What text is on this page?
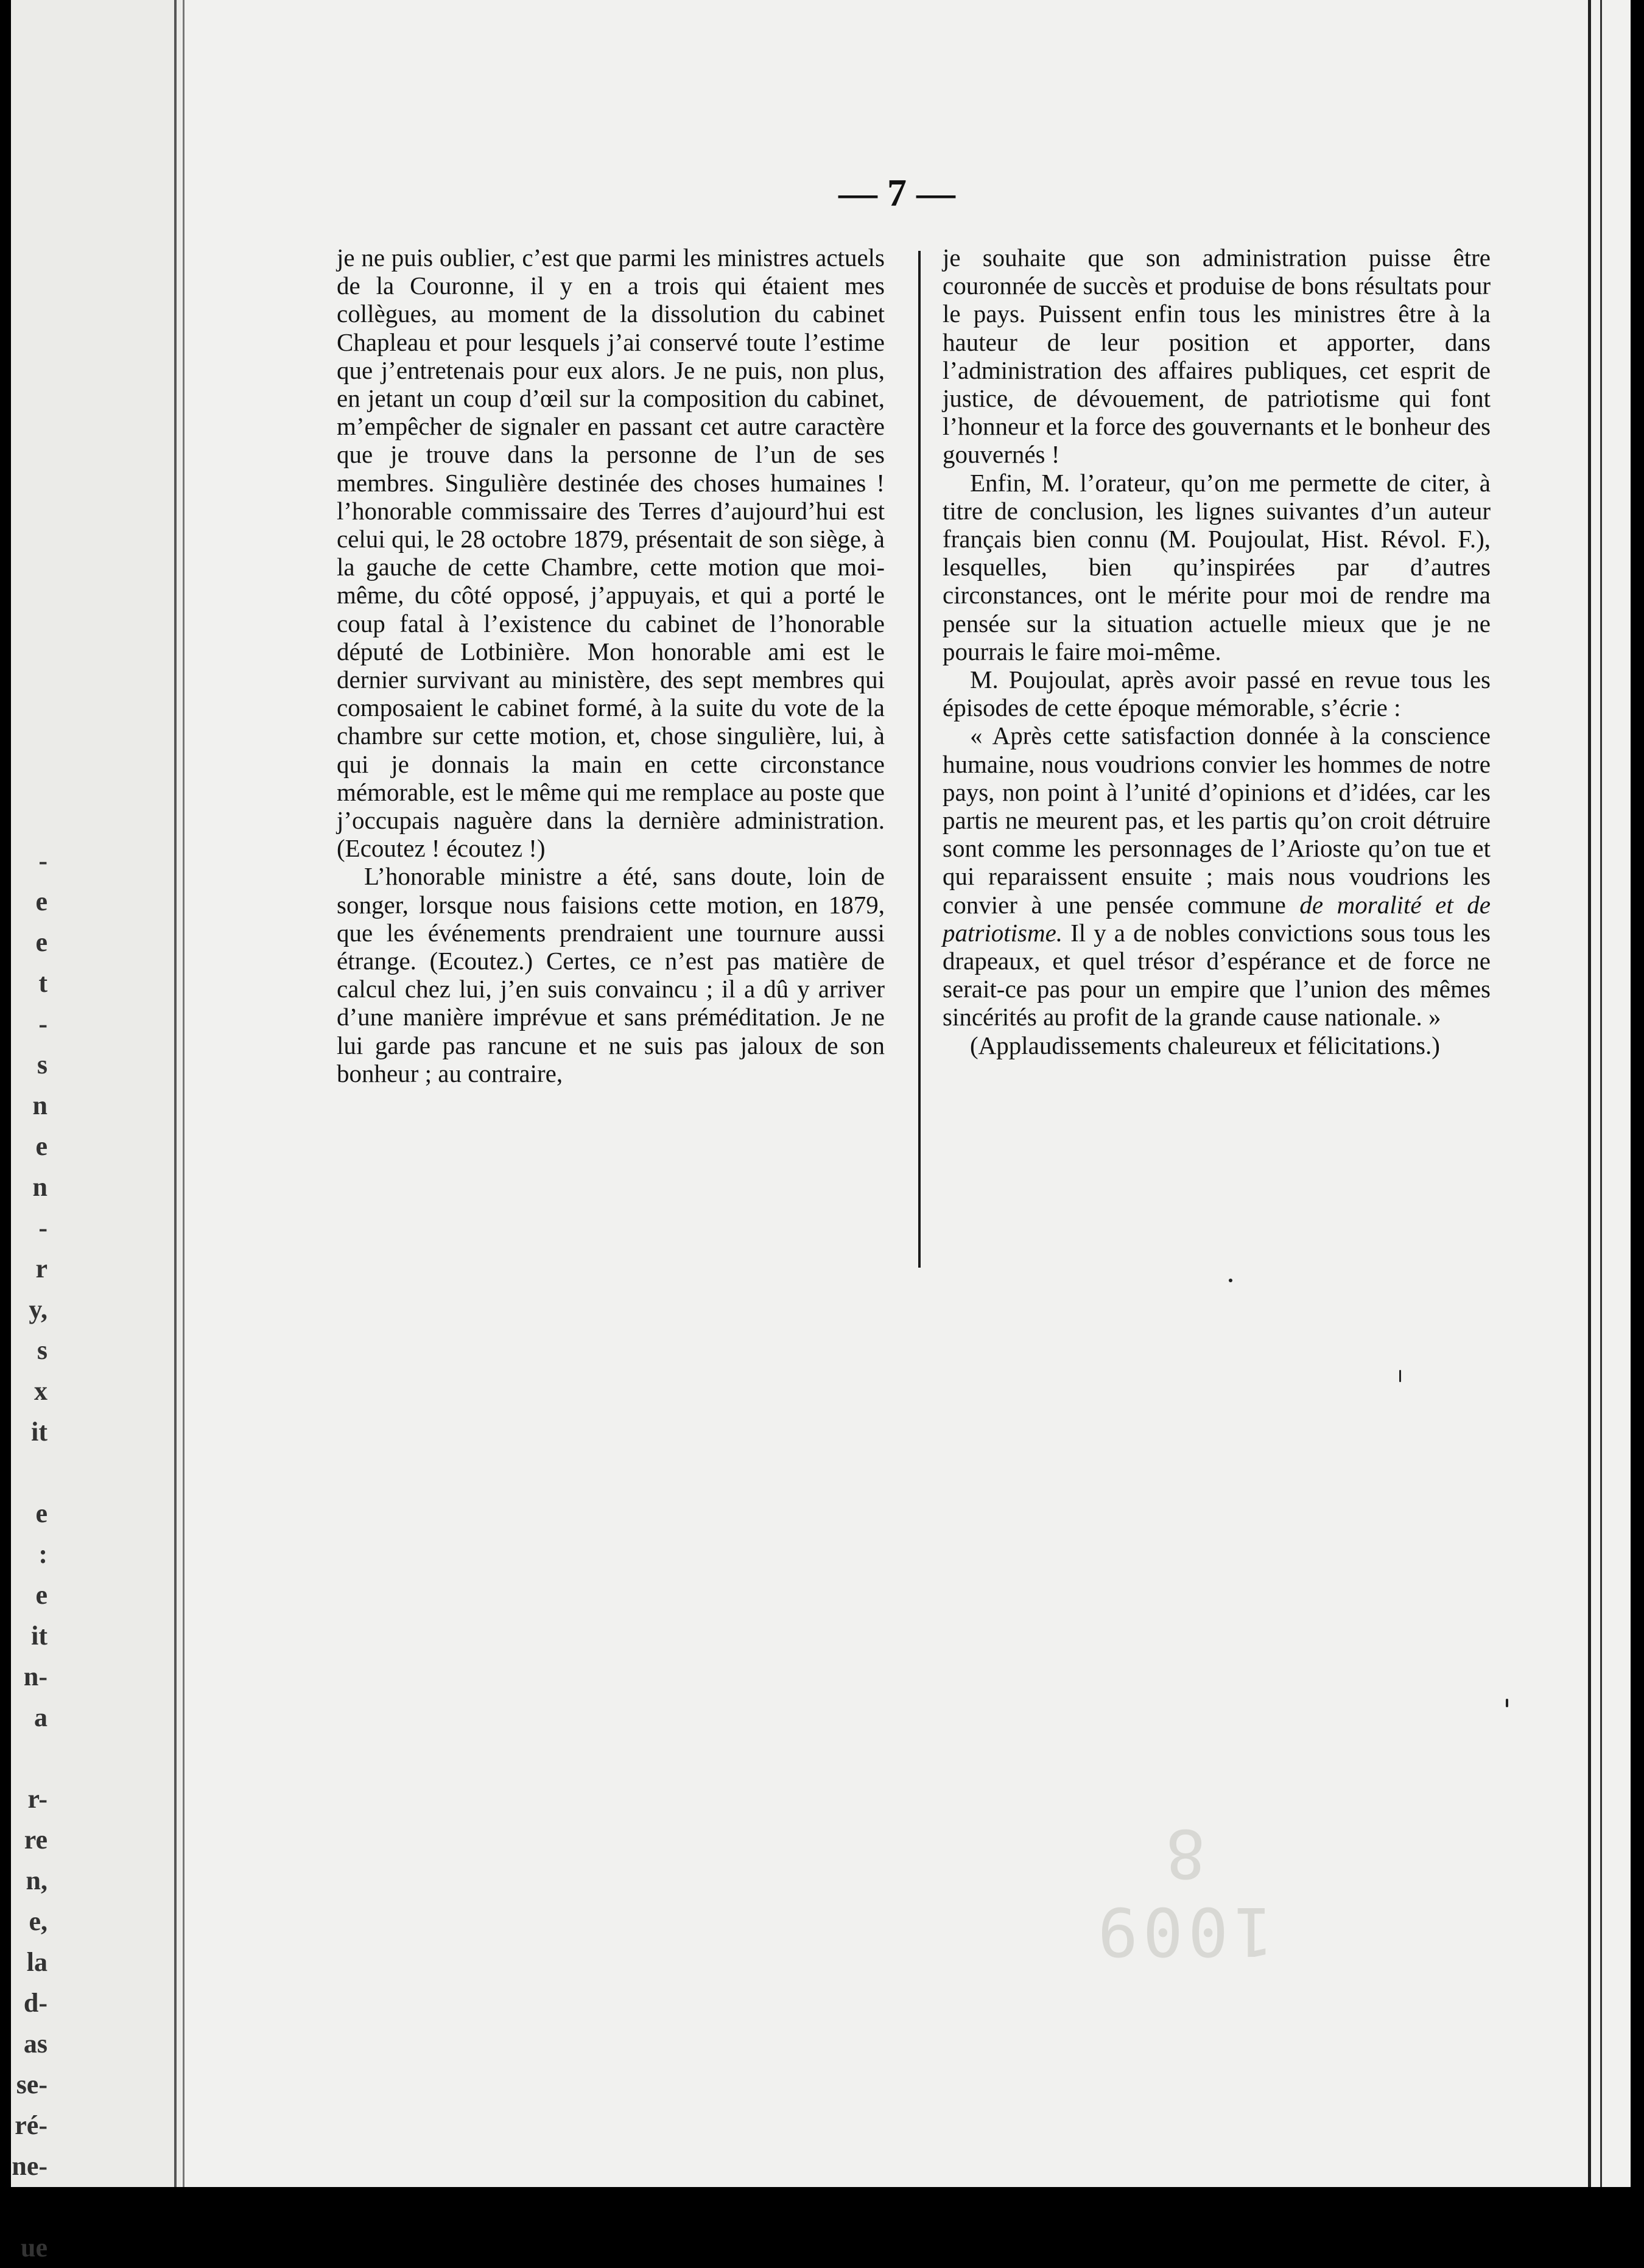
-
e
e
t
-
s
n
e
n
-
r
y,
s
x
it
e
:
e
it
n-
a
r-
re
n,
e,
la
d-
as
se-
ré-
ne-
ue
— 7 —

je ne puis oublier, c’est que parmi les ministres actuels de la Couronne, il y en a trois qui étaient mes collègues, au moment de la dissolution du cabinet Chapleau et pour lesquels j’ai conservé toute l’estime que j’entretenais pour eux alors. Je ne puis, non plus, en jetant un coup d’œil sur la composition du cabinet, m’empêcher de signaler en passant cet autre caractère que je trouve dans la personne de l’un de ses membres. Singulière destinée des choses humaines ! l’honorable commissaire des Terres d’aujourd’hui est celui qui, le 28 octobre 1879, présentait de son siège, à la gauche de cette Chambre, cette motion que moi-même, du côté opposé, j’appuyais, et qui a porté le coup fatal à l’existence du cabinet de l’honorable député de Lotbinière. Mon honorable ami est le dernier survivant au ministère, des sept membres qui composaient le cabinet formé, à la suite du vote de la chambre sur cette motion, et, chose singulière, lui, à qui je donnais la main en cette circonstance mémorable, est le même qui me remplace au poste que j’occupais naguère dans la dernière administration. (Ecoutez ! écoutez !)

L’honorable ministre a été, sans doute, loin de songer, lorsque nous faisions cette motion, en 1879, que les événements prendraient une tournure aussi étrange. (Ecoutez.) Certes, ce n’est pas matière de calcul chez lui, j’en suis convaincu ; il a dû y arriver d’une manière imprévue et sans préméditation. Je ne lui garde pas rancune et ne suis pas jaloux de son bonheur ; au contraire,

je souhaite que son administration puisse être couronnée de succès et produise de bons résultats pour le pays. Puissent enfin tous les ministres être à la hauteur de leur position et apporter, dans l’administration des affaires publiques, cet esprit de justice, de dévouement, de patriotisme qui font l’honneur et la force des gouvernants et le bonheur des gouvernés !

Enfin, M. l’orateur, qu’on me permette de citer, à titre de conclusion, les lignes suivantes d’un auteur français bien connu (M. Poujoulat, Hist. Révol. F.), lesquelles, bien qu’inspirées par d’autres circonstances, ont le mérite pour moi de rendre ma pensée sur la situation actuelle mieux que je ne pourrais le faire moi-même.

M. Poujoulat, après avoir passé en revue tous les épisodes de cette époque mémorable, s’écrie :

« Après cette satisfaction donnée à la conscience humaine, nous voudrions convier les hommes de notre pays, non point à l’unité d’opinions et d’idées, car les partis ne meurent pas, et les partis qu’on croit détruire sont comme les personnages de l’Arioste qu’on tue et qui reparaissent ensuite ; mais nous voudrions les convier à une pensée commune de moralité et de patriotisme. Il y a de nobles convictions sous tous les drapeaux, et quel trésor d’espérance et de force ne serait-ce pas pour un empire que l’union des mêmes sincérités au profit de la grande cause nationale. »

(Applaudissements chaleureux et félicitations.)

1009 8
